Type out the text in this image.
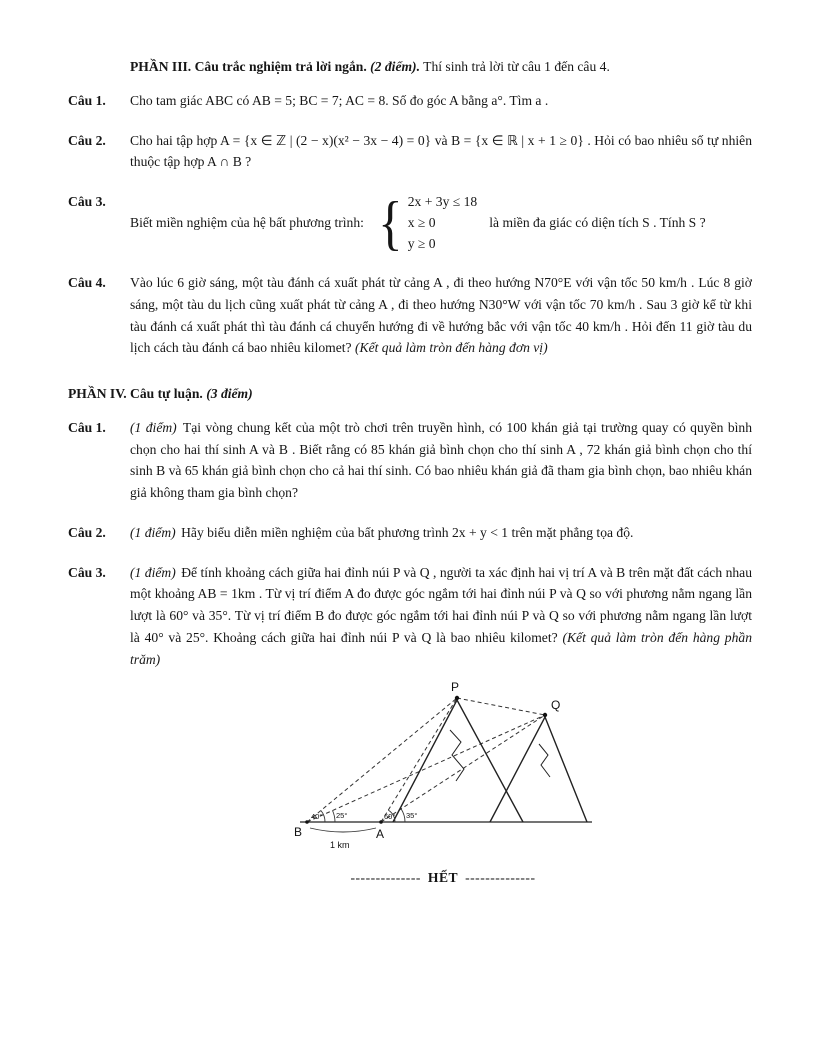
PHẦN III. Câu trắc nghiệm trả lời ngắn. (2 điểm). Thí sinh trả lời từ câu 1 đến câu 4.

Câu 1.	Cho tam giác ABC có AB = 5; BC = 7; AC = 8. Số đo góc A bằng a°. Tìm a .
Câu 2.	Cho hai tập hợp A = {x ∈ ℤ | (2 − x)(x² − 3x − 4) = 0} và B = {x ∈ ℝ | x + 1 ≥ 0} . Hỏi có bao nhiêu số tự nhiên thuộc tập hợp A ∩ B ?
Câu 3.
Biết miền nghiệm của hệ bất phương trình: { 2x + 3y ≤ 18
x ≥ 0
y ≥ 0
là miền đa giác có diện tích S . Tính S ?
Câu 4.	Vào lúc 6 giờ sáng, một tàu đánh cá xuất phát từ cảng A , đi theo hướng N70°E với vận tốc 50 km/h . Lúc 8 giờ sáng, một tàu du lịch cũng xuất phát từ cảng A , đi theo hướng N30°W với vận tốc 70 km/h . Sau 3 giờ kể từ khi tàu đánh cá xuất phát thì tàu đánh cá chuyển hướng đi về hướng bắc với vận tốc 40 km/h . Hỏi đến 11 giờ tàu du lịch cách tàu đánh cá bao nhiêu kilomet? (Kết quả làm tròn đến hàng đơn vị)

PHẦN IV. Câu tự luận. (3 điểm)

Câu 1.	(1 điểm) Tại vòng chung kết của một trò chơi trên truyền hình, có 100 khán giả tại trường quay có quyền bình chọn cho hai thí sinh A và B . Biết rằng có 85 khán giả bình chọn cho thí sinh A , 72 khán giả bình chọn cho thí sinh B và 65 khán giả bình chọn cho cả hai thí sinh. Có bao nhiêu khán giả đã tham gia bình chọn, bao nhiêu khán giả không tham gia bình chọn?
Câu 2.	(1 điểm) Hãy biểu diễn miền nghiệm của bất phương trình 2x + y < 1 trên mặt phẳng tọa độ.
Câu 3.	(1 điểm) Để tính khoảng cách giữa hai đỉnh núi P và Q , người ta xác định hai vị trí A và B trên mặt đất cách nhau một khoảng AB = 1km . Từ vị trí điểm A đo được góc ngắm tới hai đỉnh núi P và Q so với phương nằm ngang lần lượt là 60° và 35°. Từ vị trí điểm B đo được góc ngắm tới hai đỉnh núi P và Q so với phương nằm ngang lần lượt là 40° và 25°. Khoảng cách giữa hai đỉnh núi P và Q là bao nhiêu kilomet? (Kết quả làm tròn đến hàng phần trăm)
P
Q
B	A
1 km
40° 25°	60° 35°
-------------- HẾT --------------
